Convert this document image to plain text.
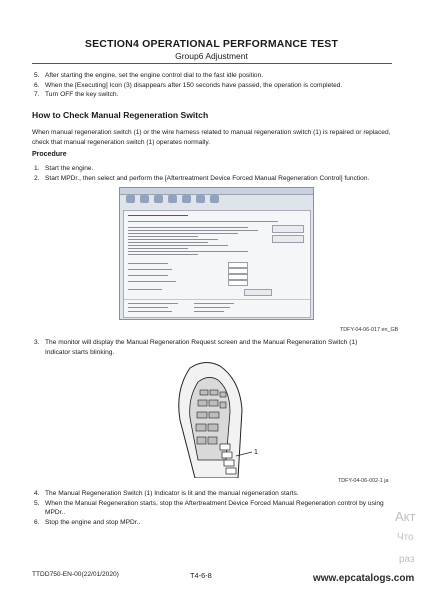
SECTION4 OPERATIONAL PERFORMANCE TEST
Group6 Adjustment
5. After starting the engine, set the engine control dial to the fast idle position.
6. When the [Executing] Icon (3) disappears after 150 seconds have passed, the operation is completed.
7. Turn OFF the key switch.
How to Check Manual Regeneration Switch
When manual regeneration switch (1) or the wire harness related to manual regeneration switch (1) is repaired or replaced, check that manual regeneration switch (1) operates normally.
Procedure
1. Start the engine.
2. Start MPDr., then select and perform the [Aftertreatment Device Forced Manual Regeneration Control] function.
TDFY-04-06-017 en_GB
3. The monitor will display the Manual Regeneration Request screen and the Manual Regeneration Switch (1) Indicator starts blinking.
1
TDFY-04-06-002-1 ja
4. The Manual Regeneration Switch (1) Indicator is lit and the manual regeneration starts.
5. When the Manual Regeneration starts, stop the Aftertreatment Device Forced Manual Regeneration control by using MPDr..
6. Stop the engine and stop MPDr..
TTDD750-EN-00(22/01/2020)	T4-6-8
Акт
Что
раз
www.epcatalogs.com
